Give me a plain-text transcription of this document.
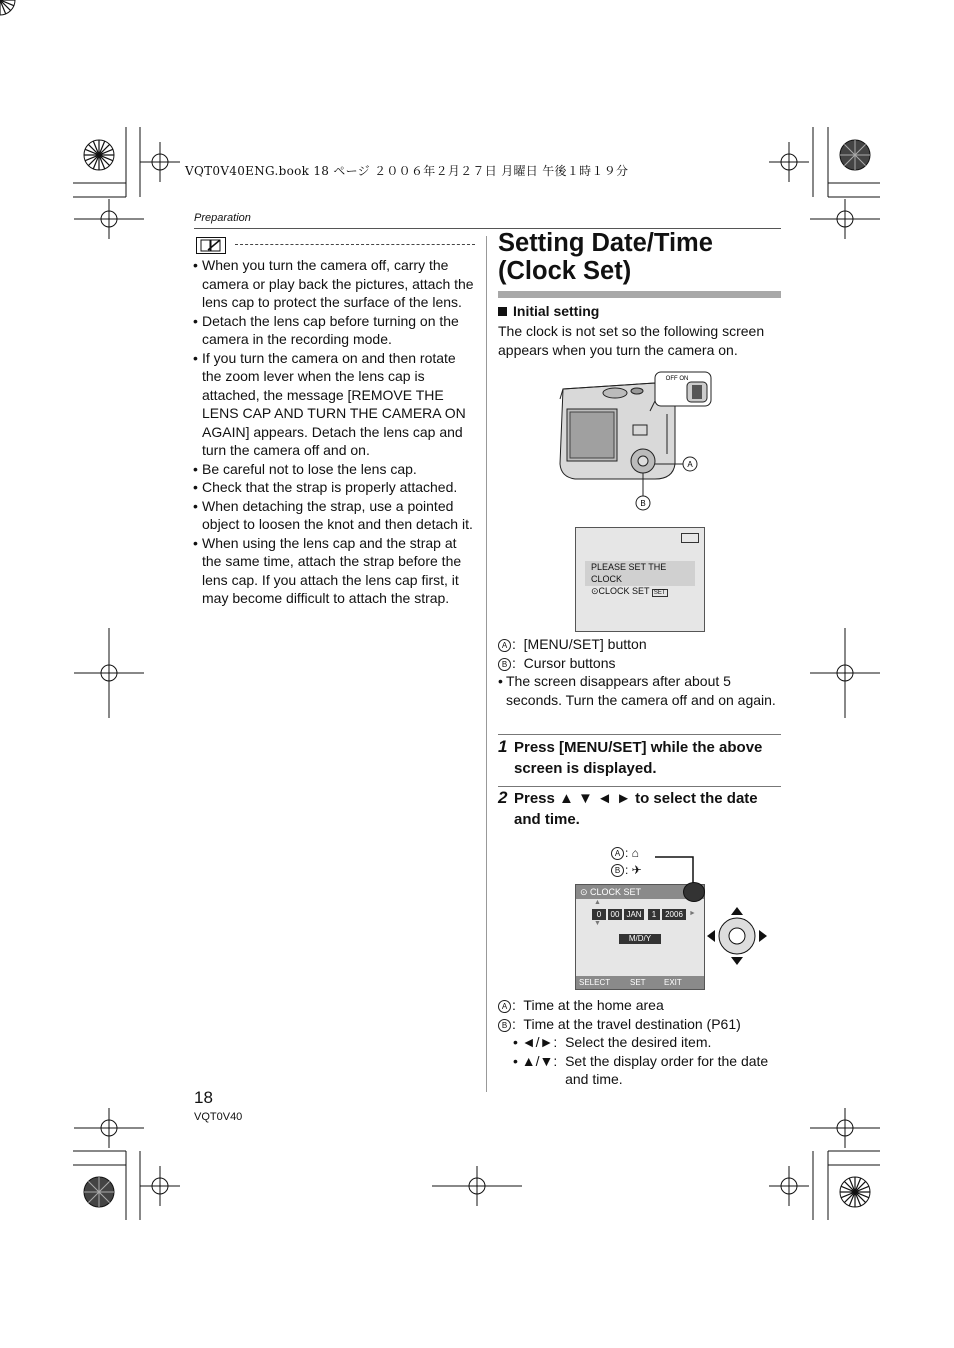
VQT0V40ENG.book 18 ページ ２００６年２月２７日 月曜日 午後１時１９分
Preparation
• When you turn the camera off, carry the camera or play back the pictures, attach the lens cap to protect the surface of the lens.
• Detach the lens cap before turning on the camera in the recording mode.
• If you turn the camera on and then rotate the zoom lever when the lens cap is attached, the message [REMOVE THE LENS CAP AND TURN THE CAMERA ON AGAIN] appears. Detach the lens cap and turn the camera off and on.
• Be careful not to lose the lens cap.
• Check that the strap is properly attached.
• When detaching the strap, use a pointed object to loosen the knot and then detach it.
• When using the lens cap and the strap at the same time, attach the strap before the lens cap. If you attach the lens cap first, it may become difficult to attach the strap.
Setting Date/Time
(Clock Set)
Initial setting
The clock is not set so the following screen appears when you turn the camera on.
OFF ON
A
B
PLEASE SET THE CLOCK
⊙CLOCK SET SET
A :  [MENU/SET] button
B :  Cursor buttons
• The screen disappears after about 5 seconds. Turn the camera off and on again.
1 Press [MENU/SET] while the above screen is displayed.
2 Press ▲ ▼ ◄ ► to select the date and time.
A : ⌂
B : ✈
⊙ CLOCK SET
0	00 JAN	1	2006
▲
▼
►
M/D/Y
SELECT SET EXIT
A :  Time at the home area
B :  Time at the travel destination (P61)
• ◄/►: Select the desired item.
• ▲/▼: Set the display order for the date and time.
18
VQT0V40
